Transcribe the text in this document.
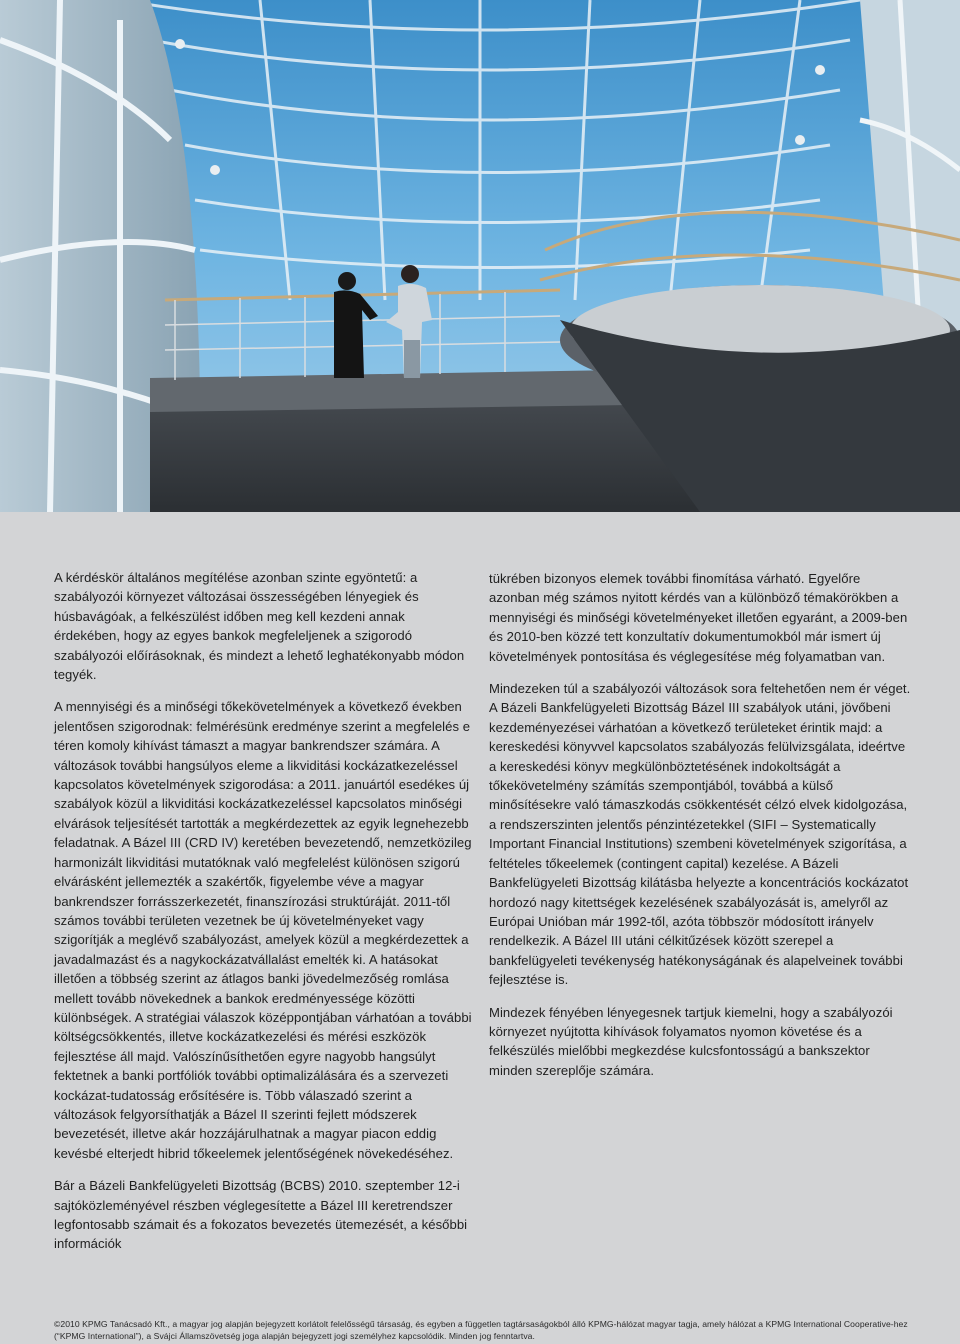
A kérdéskör általános megítélése azonban szinte egyöntetű: a szabályozói környezet változásai összességében lényegiek és húsbavágóak, a felkészülést időben meg kell kezdeni annak érdekében, hogy az egyes bankok megfeleljenek a szigorodó szabályozói előírásoknak, és mindezt a lehető leghatékonyabb módon tegyék.

A mennyiségi és a minőségi tőkekövetelmények a következő években jelentősen szigorodnak: felmérésünk eredménye szerint a megfelelés e téren komoly kihívást támaszt a magyar bankrendszer számára. A változások további hangsúlyos eleme a likviditási kockázatkezeléssel kapcsolatos követelmények szigorodása: a 2011. januártól esedékes új szabályok közül a likviditási kockázatkezeléssel kapcsolatos minőségi elvárások teljesítését tartották a megkérdezettek az egyik legnehezebb feladatnak. A Bázel III (CRD IV) keretében bevezetendő, nemzetközileg harmonizált likviditási mutatóknak való megfelelést különösen szigorú elvárásként jellemezték a szakértők, figyelembe véve a magyar bankrendszer forrásszerkezetét, finanszírozási struktúráját. 2011-től számos további területen vezetnek be új követelményeket vagy szigorítják a meglévő szabályozást, amelyek közül a megkérdezettek a javadalmazást és a nagykockázatvállalást emelték ki. A hatásokat illetően a többség szerint az átlagos banki jövedelmezőség romlása mellett tovább növekednek a bankok eredményessége közötti különbségek. A stratégiai válaszok középpontjában várhatóan a további költségcsökkentés, illetve kockázatkezelési és mérési eszközök fejlesztése áll majd. Valószínűsíthetően egyre nagyobb hangsúlyt fektetnek a banki portfóliók további optimalizálására és a szervezeti kockázat-tudatosság erősítésére is. Több válaszadó szerint a változások felgyorsíthatják a Bázel II szerinti fejlett módszerek bevezetését, illetve akár hozzájárulhatnak a magyar piacon eddig kevésbé elterjedt hibrid tőkeelemek jelentőségének növekedéséhez.

Bár a Bázeli Bankfelügyeleti Bizottság (BCBS) 2010. szeptember 12-i sajtóközleményével részben véglegesítette a Bázel III keretrendszer legfontosabb számait és a fokozatos bevezetés ütemezését, a későbbi információk

tükrében bizonyos elemek további finomítása várható. Egyelőre azonban még számos nyitott kérdés van a különböző témakörökben a mennyiségi és minőségi követelményeket illetően egyaránt, a 2009-ben és 2010-ben közzé tett konzultatív dokumentumokból már ismert új követelmények pontosítása és véglegesítése még folyamatban van.

Mindezeken túl a szabályozói változások sora feltehetően nem ér véget. A Bázeli Bankfelügyeleti Bizottság Bázel III szabályok utáni, jövőbeni kezdeményezései várhatóan a következő területeket érintik majd: a kereskedési könyvvel kapcsolatos szabályozás felülvizsgálata, ideértve a kereskedési könyv megkülönböztetésének indokoltságát a tőkekövetelmény számítás szempontjából, továbbá a külső minősítésekre való támaszkodás csökkentését célzó elvek kidolgozása, a rendszerszinten jelentős pénzintézetekkel (SIFI – Systematically Important Financial Institutions) szembeni követelmények szigorítása, a feltételes tőkeelemek (contingent capital) kezelése. A Bázeli Bankfelügyeleti Bizottság kilátásba helyezte a koncentrációs kockázatot hordozó nagy kitettségek kezelésének szabályozását is, amelyről az Európai Unióban már 1992-től, azóta többször módosított irányelv rendelkezik. A Bázel III utáni célkitűzések között szerepel a bankfelügyeleti tevékenység hatékonyságának és alapelveinek további fejlesztése is.

Mindezek fényében lényegesnek tartjuk kiemelni, hogy a szabályozói környezet nyújtotta kihívások folyamatos nyomon követése és a felkészülés mielőbbi megkezdése kulcsfontosságú a bankszektor minden szereplője számára.

©2010 KPMG Tanácsadó Kft., a magyar jog alapján bejegyzett korlátolt felelősségű társaság, és egyben a független tagtársaságokból álló KPMG-hálózat magyar tagja, amely hálózat a KPMG International Cooperative-hez (“KPMG International”), a Svájci Államszövetség joga alapján bejegyzett jogi személyhez kapcsolódik. Minden jog fenntartva.
